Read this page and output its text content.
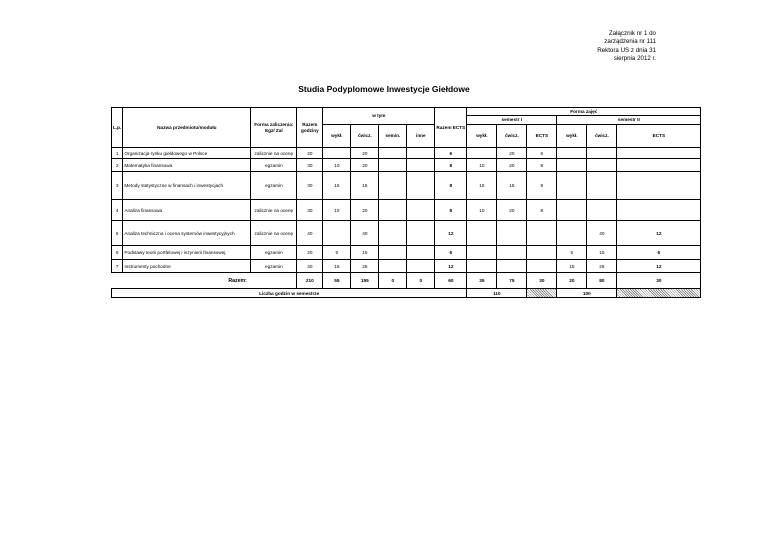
Załącznik nr 1 do
zarządzenia nr 111
Rektora US z dnia 31
sierpnia 2012 r.
Studia Podyplomowe Inwestycje Giełdowe
L.p.	Nazwa przedmiotu/modułu	Forma zaliczenia: Egz/ Zal	Razem godziny	w tym				Razem ECTS	Forma zajęć					
									semestr I			semestr II		
				wykł.	ćwicz.	semin.	inne		wykł.	ćwicz.	ECTS	wykł.	ćwicz.	ECTS
1	Organizacja rynku giełdowego w Polsce	zalicznie na ocenę	20		20			6		20	6			
2	Matematyka finansowa	egzamin	30	10	20			8	10	20	8			
3	Metody statystyczne w finansach i inwestycjach	egzamin	30	15	15			8	15	15	8			
4	Analiza finansowa	zalicznie na ocenę	30	10	20			8	10	20	8			
6	Analiza techniczna i ocena systemów inwestycyjnych	zalicznie na ocenę	40		40			12					40	12
6	Podstawy teorii portfelowej i inżynierii finansowej	egzamin	20	5	15			6				5	15	6
7	Instrumenty pochodne	egzamin	40	15	25			12				15	25	12
Razem:			210	55	155	0	0	60	35	75	30	20	80	30
Liczba godzin w semestrze									110			100		
